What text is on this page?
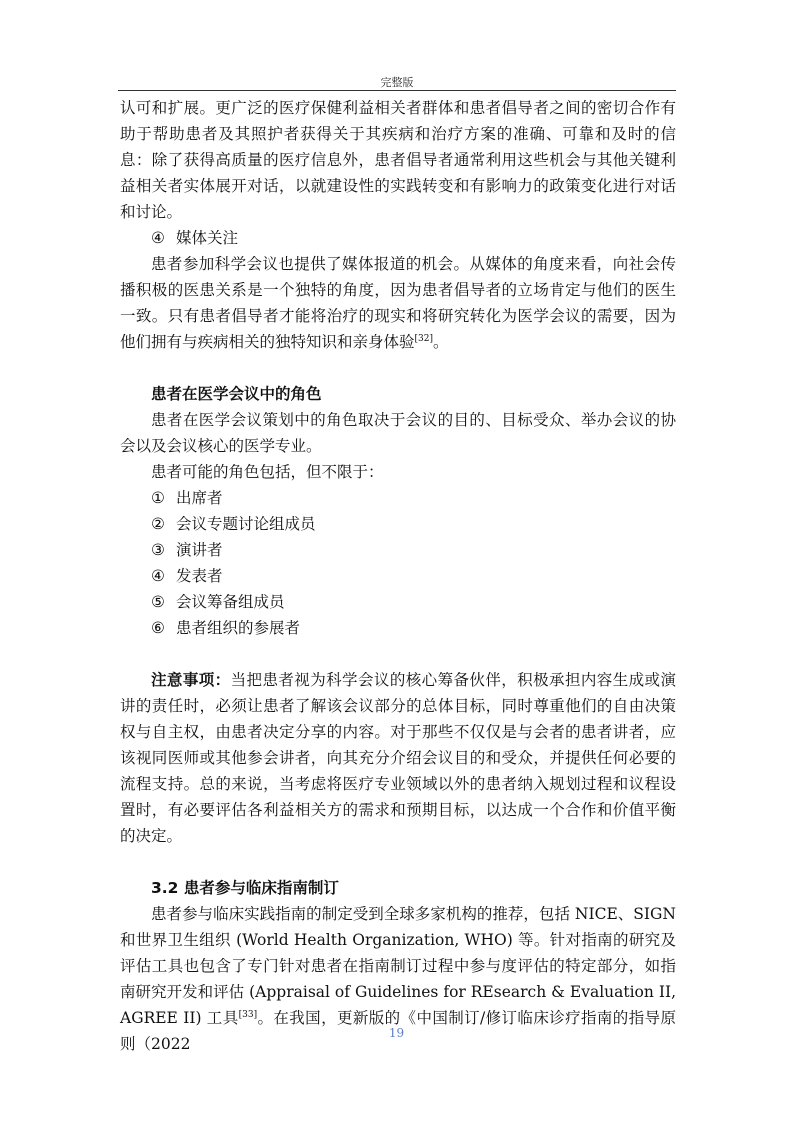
完整版

认可和扩展。更广泛的医疗保健利益相关者群体和患者倡导者之间的密切合作有助于帮助患者及其照护者获得关于其疾病和治疗方案的准确、可靠和及时的信息：除了获得高质量的医疗信息外，患者倡导者通常利用这些机会与其他关键利益相关者实体展开对话，以就建设性的实践转变和有影响力的政策变化进行对话和讨论。

④ 媒体关注

患者参加科学会议也提供了媒体报道的机会。从媒体的角度来看，向社会传播积极的医患关系是一个独特的角度，因为患者倡导者的立场肯定与他们的医生一致。只有患者倡导者才能将治疗的现实和将研究转化为医学会议的需要，因为他们拥有与疾病相关的独特知识和亲身体验[32]。

患者在医学会议中的角色

患者在医学会议策划中的角色取决于会议的目的、目标受众、举办会议的协会以及会议核心的医学专业。

患者可能的角色包括，但不限于：

① 出席者

② 会议专题讨论组成员

③ 演讲者

④ 发表者

⑤ 会议筹备组成员

⑥ 患者组织的参展者

注意事项：当把患者视为科学会议的核心筹备伙伴，积极承担内容生成或演讲的责任时，必须让患者了解该会议部分的总体目标，同时尊重他们的自由决策权与自主权，由患者决定分享的内容。对于那些不仅仅是与会者的患者讲者，应该视同医师或其他参会讲者，向其充分介绍会议目的和受众，并提供任何必要的流程支持。总的来说，当考虑将医疗专业领域以外的患者纳入规划过程和议程设置时，有必要评估各利益相关方的需求和预期目标，以达成一个合作和价值平衡的决定。

3.2 患者参与临床指南制订

患者参与临床实践指南的制定受到全球多家机构的推荐，包括 NICE、SIGN 和世界卫生组织 (World Health Organization, WHO) 等。针对指南的研究及评估工具也包含了专门针对患者在指南制订过程中参与度评估的特定部分，如指南研究开发和评估 (Appraisal of Guidelines for REsearch & Evaluation II, AGREE II) 工具[33]。在我国，更新版的《中国制订/修订临床诊疗指南的指导原则（2022

19
